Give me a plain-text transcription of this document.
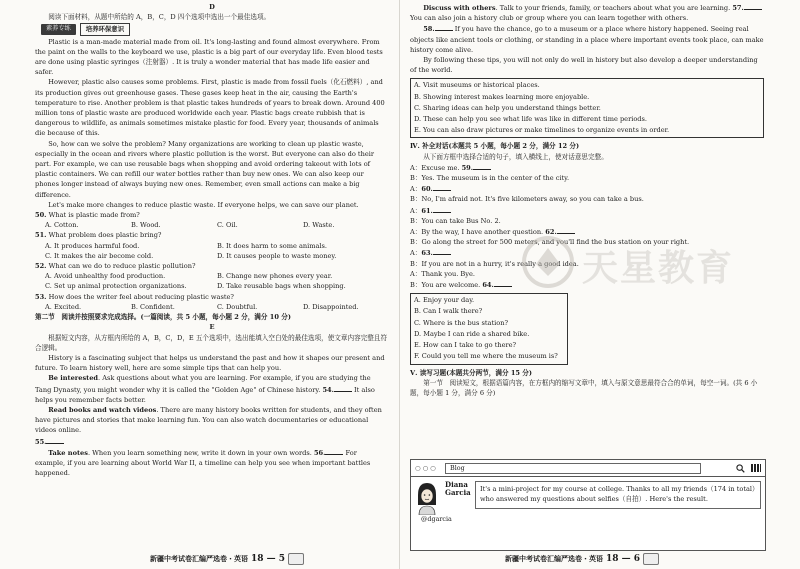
D

阅读下面材料，从题中所给的 A，B，C，D 四个选项中选出一个最佳选项。

素养专练	培养环保意识

Plastic is a man-made material made from oil. It's long-lasting and found almost everywhere. From the paint on the walls to the keyboard we use, plastic is a big part of our everyday life. Even blood tests are done using plastic syringes（注射器）. It is truly a wonder material that has made life easier and safer.

However, plastic also causes some problems. First, plastic is made from fossil fuels（化石燃料）, and its production gives out greenhouse gases. These gases keep heat in the air, causing the Earth's temperature to rise. Another problem is that plastic takes hundreds of years to break down. Around 400 million tons of plastic waste are produced worldwide each year. Plastic bags create rubbish that is dangerous to wildlife, as animals sometimes mistake plastic for food. Every year, thousands of animals die because of this.

So, how can we solve the problem? Many organizations are working to clean up plastic waste, especially in the ocean and rivers where plastic pollution is the worst. But everyone can also do their part. For example, we can use reusable bags when shopping and avoid ordering takeout with lots of plastic containers. We can refill our water bottles rather than buy new ones. We can also keep our phones longer instead of always buying new ones. Remember, even small actions can make a big difference.

Let's make more changes to reduce plastic waste. If everyone helps, we can save our planet.

50. What is plastic made from?
A. Cotton.	B. Wood.	C. Oil.	D. Waste.
51. What problem does plastic bring?
A. It produces harmful food.	B. It does harm to some animals.
C. It makes the air become cold.	D. It causes people to waste money.
52. What can we do to reduce plastic pollution?
A. Avoid unhealthy food production.	B. Change new phones every year.
C. Set up animal protection organizations.	D. Take reusable bags when shopping.
53. How does the writer feel about reducing plastic waste?
A. Excited.	B. Confident.	C. Doubtful.	D. Disappointed.

第二节　阅读并按照要求完成选择。(一篇阅读，共 5 小题，每小题 2 分，满分 10 分)

E

根据短文内容，从方框内所给的 A，B，C，D，E 五个选项中，选出能填入空白处的最佳选项，使文章内容完整且符合逻辑。

History is a fascinating subject that helps us understand the past and how it shapes our present and future. To learn history well, here are some simple tips that can help you.

Be interested. Ask questions about what you are learning. For example, if you are studying the Tang Dynasty, you might wonder why it is called the "Golden Age" of Chinese history. 54.	It also helps you remember facts better.

Read books and watch videos. There are many history books written for students, and they often have pictures and stories that make learning fun. You can also watch documentaries or educational videos online.

55.

Take notes. When you learn something new, write it down in your own words. 56.	For example, if you are learning about World War II, a timeline can help you see when important battles happened.

新疆中考试卷汇编严选卷・英语 18 — 5

Discuss with others. Talk to your friends, family, or teachers about what you are learning. 57. You can also join a history club or group where you can learn together with others.

58.	If you have the chance, go to a museum or a place where history happened. Seeing real objects like ancient tools or clothing, or standing in a place where important events took place, can make history come alive.

By following these tips, you will not only do well in history but also develop a deeper understanding of the world.

A. Visit museums or historical places.
B. Showing interest makes learning more enjoyable.
C. Sharing ideas can help you understand things better.
D. These can help you see what life was like in different time periods.
E. You can also draw pictures or make timelines to organize events in order.

Ⅳ. 补全对话(本题共 5 小题，每小题 2 分，满分 12 分)

从下面方框中选择合适的句子，填入横线上，使对话意思完整。

A：Excuse me. 59.
B：Yes. The museum is in the center of the city.
A：60.
B：No, I'm afraid not. It's five kilometers away, so you can take a bus.
A：61.
B：You can take Bus No. 2.
A：By the way, I have another question. 62.
B：Go along the street for 500 meters, and you'll find the bus station on your right.
A：63.
B：If you are not in a hurry, it's really a good idea.
A：Thank you. Bye.
B：You are welcome. 64.
A. Enjoy your day.
B. Can I walk there?
C. Where is the bus station?
D. Maybe I can ride a shared bike.
E. How can I take to go there?
F. Could you tell me where the museum is?

Ⅴ. 读写习题(本题共分两节，满分 15 分)

第一节　阅读短文，根据语篇内容，在方框内的缩写文章中，填入与原文意思最符合合的单词，每空一词。(共 6 小题，每小题 1 分，满分 6 分)

天星教育
○○○	Blog
Diana Garcia
@dgarcia
It's a mini-project for my course at college. Thanks to all my friends（174 in total）who answered my questions about selfies（自拍）. Here's the result.
新疆中考试卷汇编严选卷・英语 18 — 6
